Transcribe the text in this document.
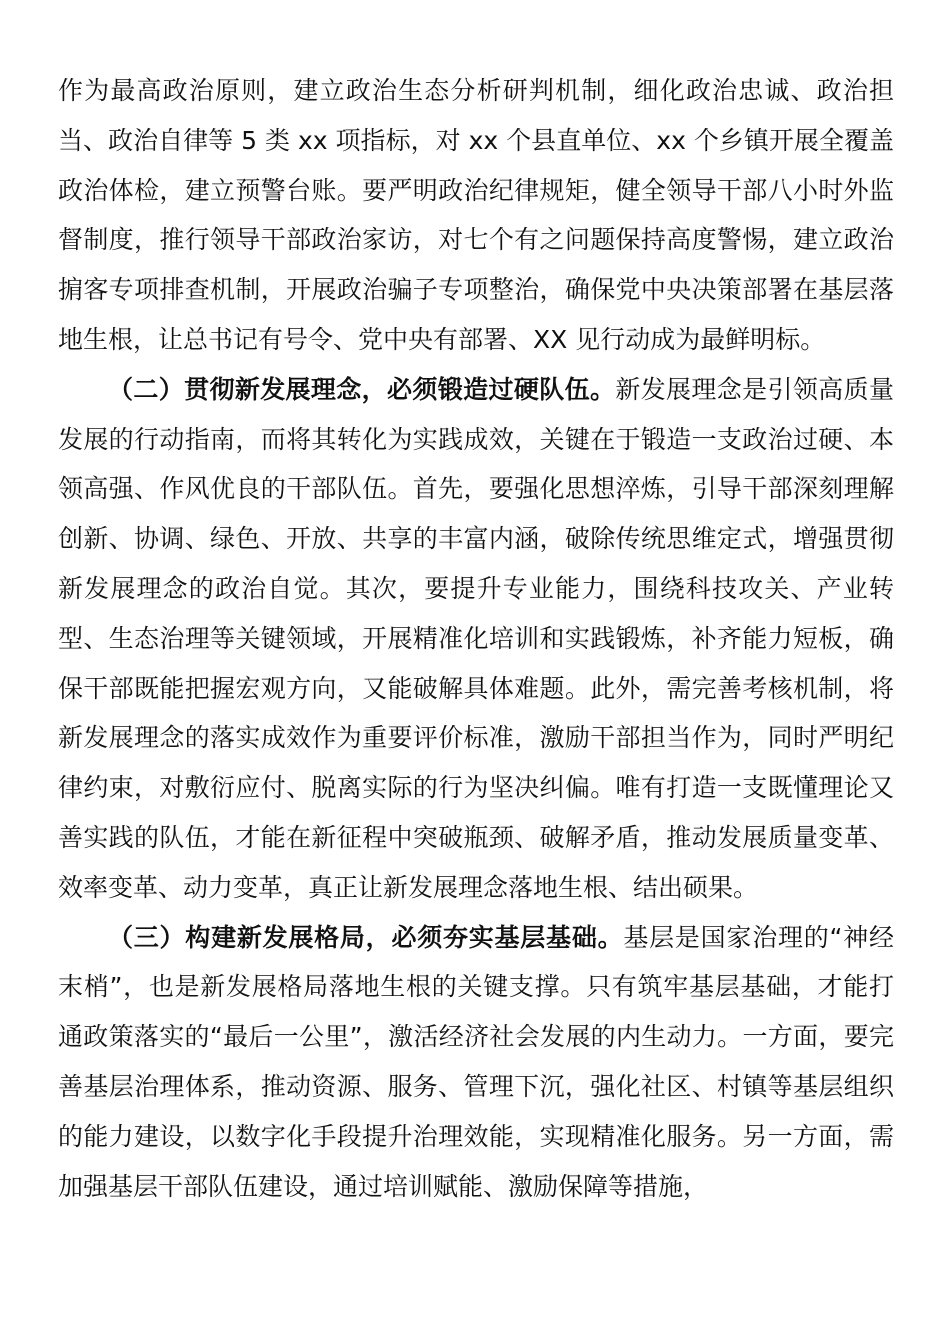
作为最高政治原则，建立政治生态分析研判机制，细化政治忠诚、政治担当、政治自律等 5 类 xx 项指标，对 xx 个县直单位、xx 个乡镇开展全覆盖政治体检，建立预警台账。要严明政治纪律规矩，健全领导干部八小时外监督制度，推行领导干部政治家访，对七个有之问题保持高度警惕，建立政治掮客专项排查机制，开展政治骗子专项整治，确保党中央决策部署在基层落地生根，让总书记有号令、党中央有部署、XX 见行动成为最鲜明标。

（二）贯彻新发展理念，必须锻造过硬队伍。新发展理念是引领高质量发展的行动指南，而将其转化为实践成效，关键在于锻造一支政治过硬、本领高强、作风优良的干部队伍。首先，要强化思想淬炼，引导干部深刻理解创新、协调、绿色、开放、共享的丰富内涵，破除传统思维定式，增强贯彻新发展理念的政治自觉。其次，要提升专业能力，围绕科技攻关、产业转型、生态治理等关键领域，开展精准化培训和实践锻炼，补齐能力短板，确保干部既能把握宏观方向，又能破解具体难题。此外，需完善考核机制，将新发展理念的落实成效作为重要评价标准，激励干部担当作为，同时严明纪律约束，对敷衍应付、脱离实际的行为坚决纠偏。唯有打造一支既懂理论又善实践的队伍，才能在新征程中突破瓶颈、破解矛盾，推动发展质量变革、效率变革、动力变革，真正让新发展理念落地生根、结出硕果。

（三）构建新发展格局，必须夯实基层基础。基层是国家治理的“神经末梢”，也是新发展格局落地生根的关键支撑。只有筑牢基层基础，才能打通政策落实的“最后一公里”，激活经济社会发展的内生动力。一方面，要完善基层治理体系，推动资源、服务、管理下沉，强化社区、村镇等基层组织的能力建设，以数字化手段提升治理效能，实现精准化服务。另一方面，需加强基层干部队伍建设，通过培训赋能、激励保障等措施，
